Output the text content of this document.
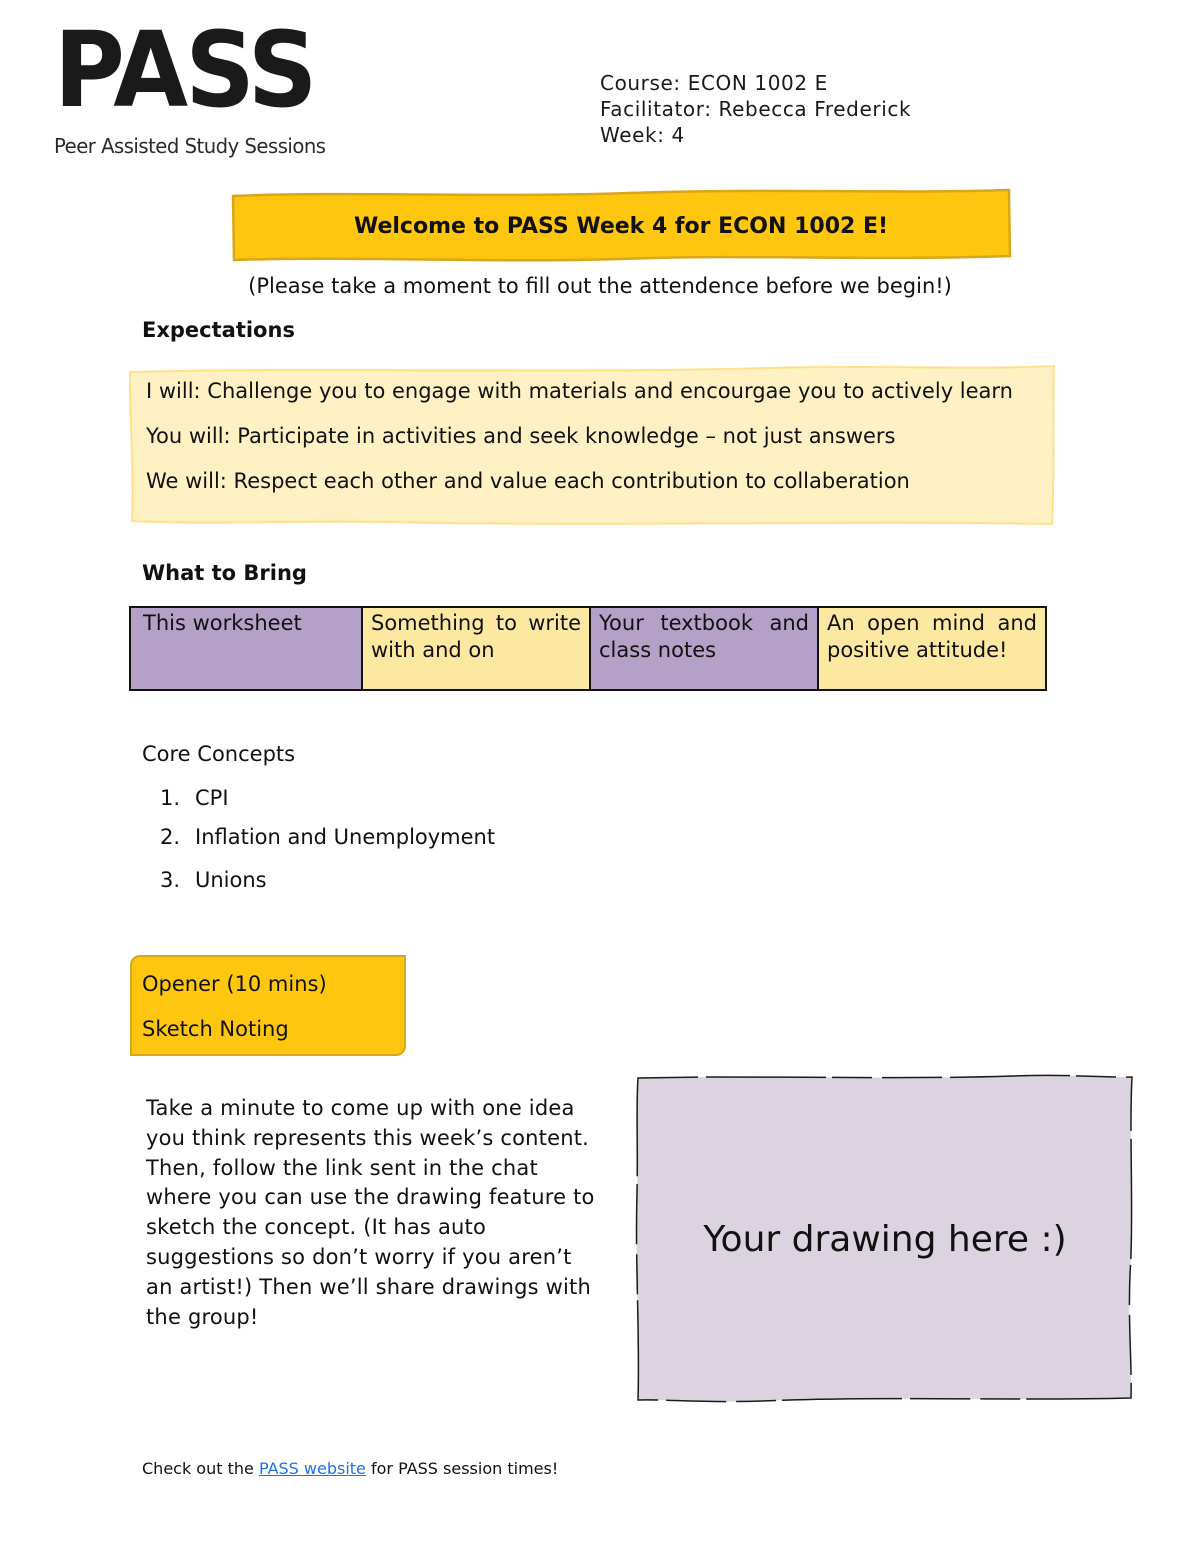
PASS
Peer Assisted Study Sessions
Course: ECON 1002 E
Facilitator: Rebecca Frederick
Week: 4
Welcome to PASS Week 4 for ECON 1002 E!
(Please take a moment to fill out the attendence before we begin!)
Expectations

I will: Challenge you to engage with materials and encourgae you to actively learn

You will: Participate in activities and seek knowledge – not just answers

We will: Respect each other and value each contribution to collaberation

What to Bring
This worksheet	Something to write with and on
Your textbook and class notes
An open mind and positive attitude!
Core Concepts
1. CPI
2. Inflation and Unemployment
3. Unions
Opener (10 mins)
Sketch Noting
Take a minute to come up with one idea you think represents this week’s content. Then, follow the link sent in the chat where you can use the drawing feature to sketch the concept. (It has auto suggestions so don’t worry if you aren’t an artist!) Then we’ll share drawings with the group!
Your drawing here :)
Check out the PASS website for PASS session times!
